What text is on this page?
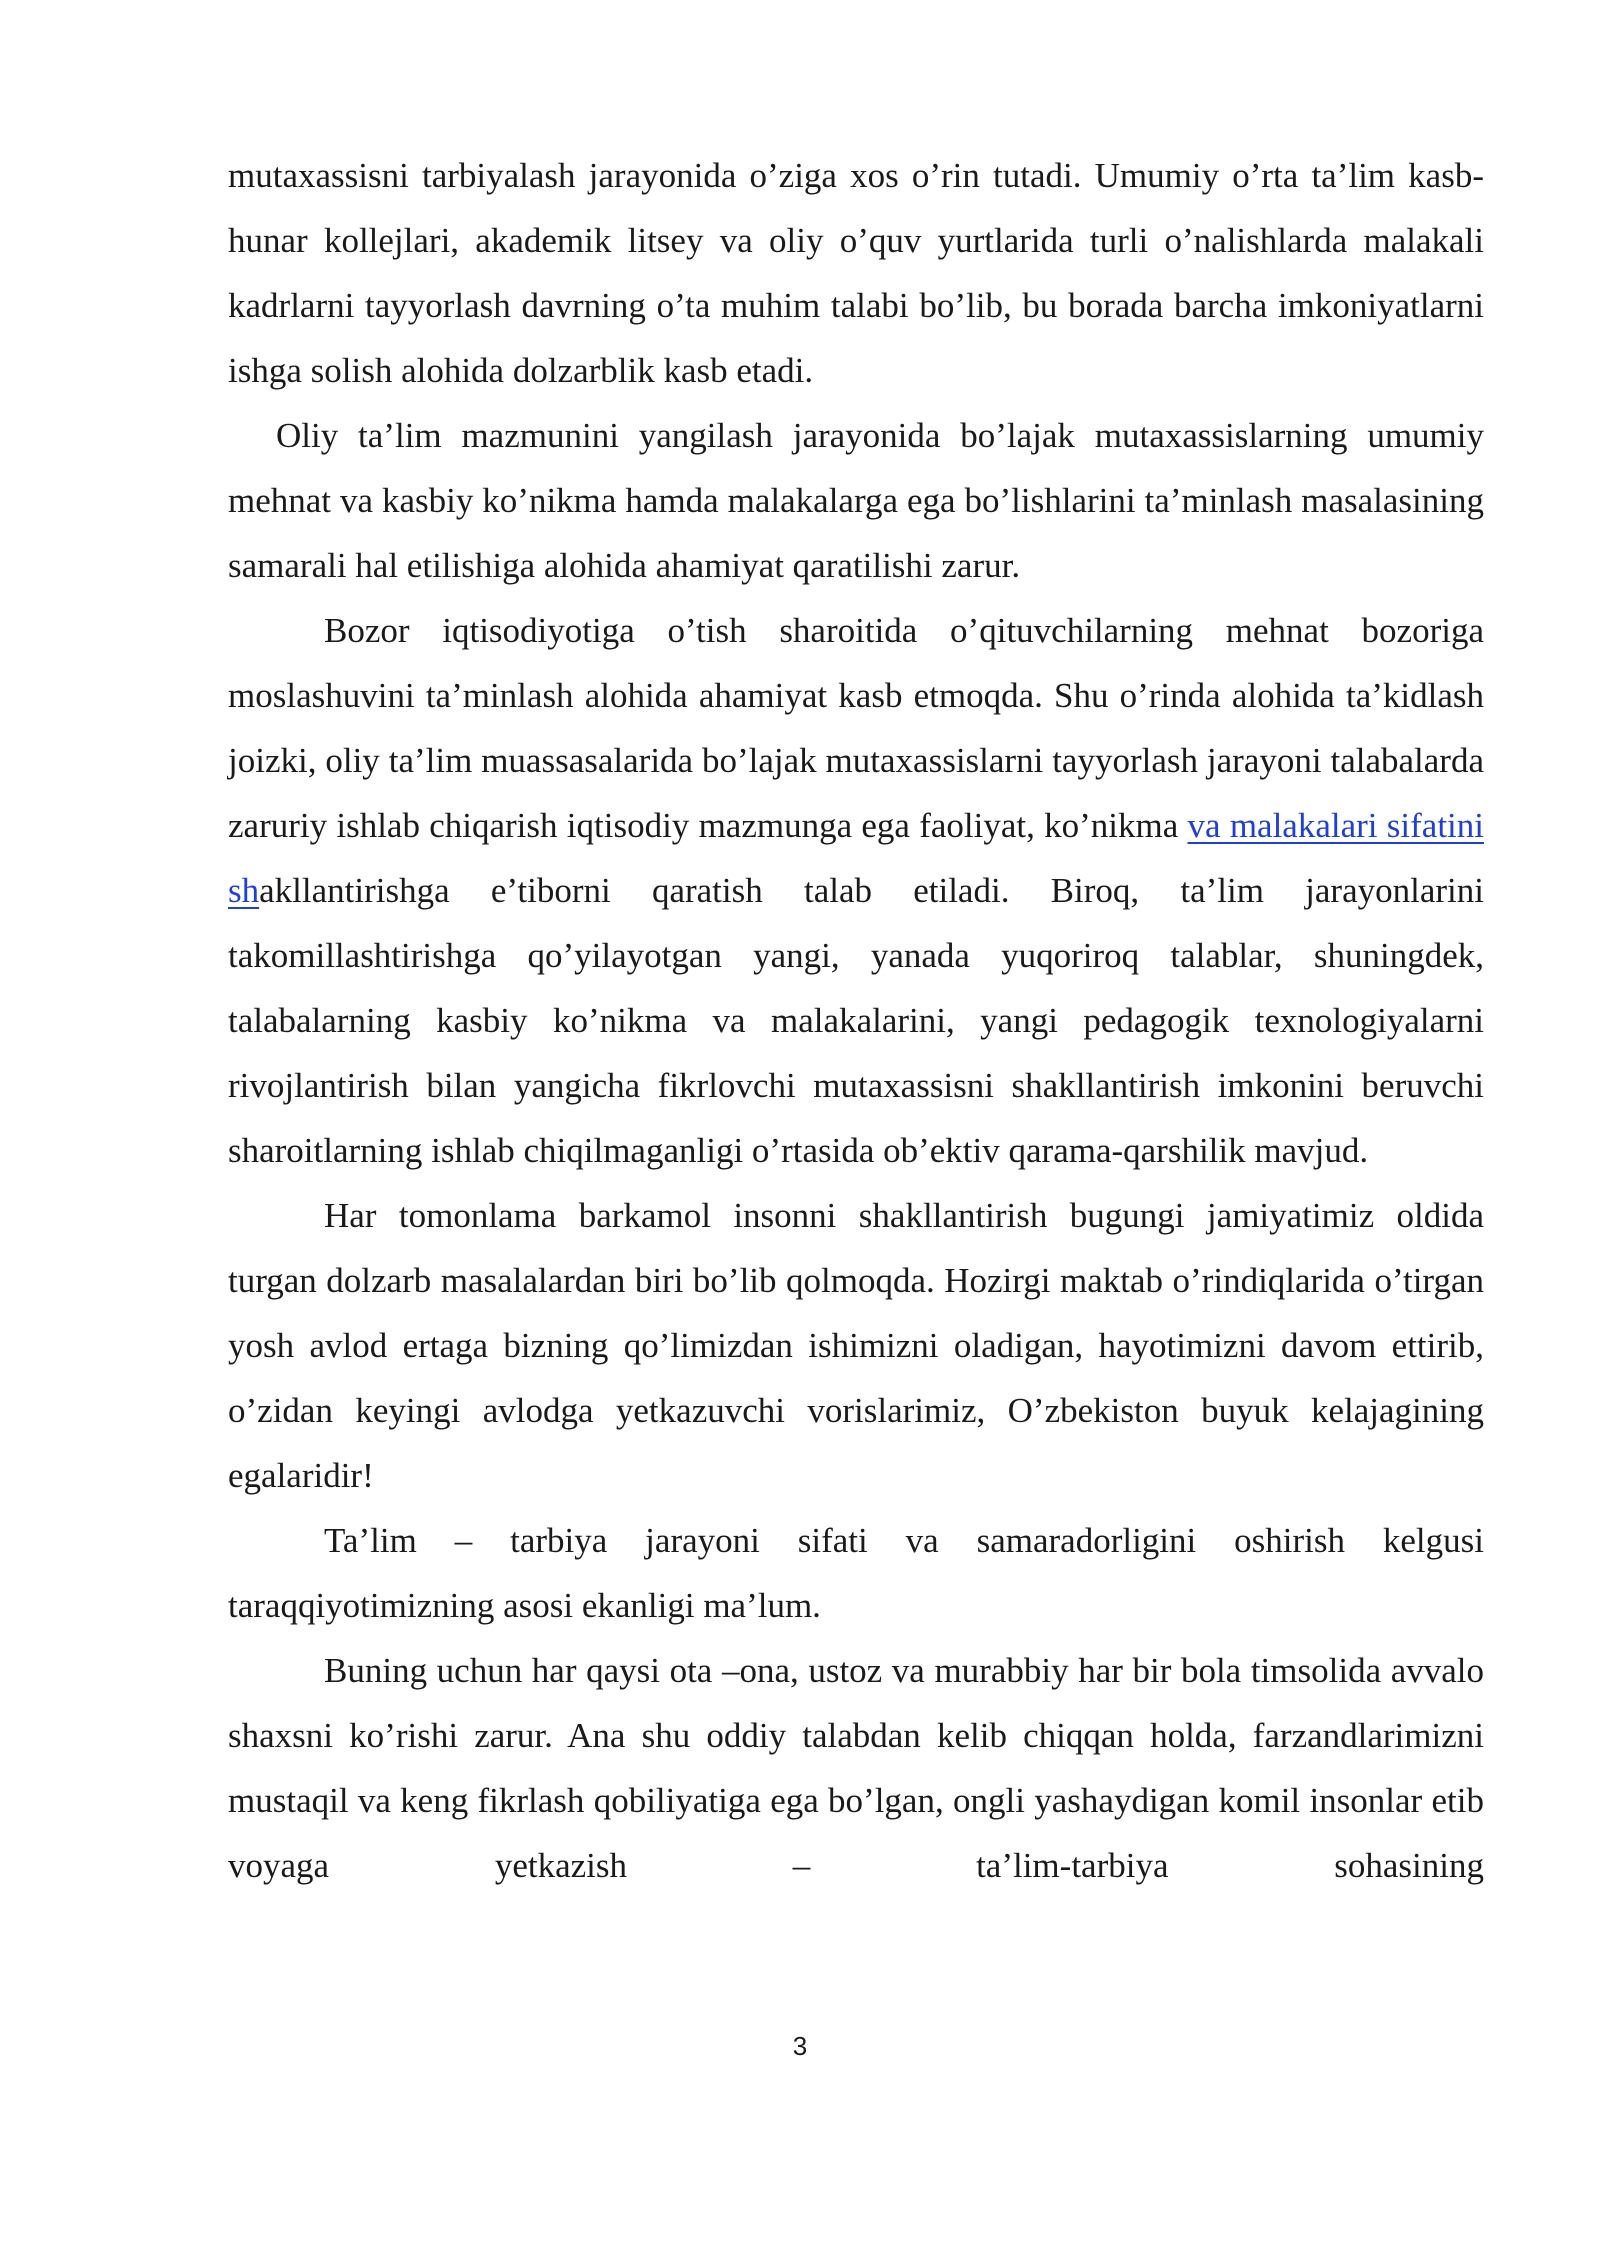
mutaxassisni tarbiyalash jarayonida o’ziga xos o’rin tutadi. Umumiy o’rta ta’lim kasb-hunar kollejlari, akademik litsey va oliy o’quv yurtlarida turli o’nalishlarda malakali kadrlarni tayyorlash davrning o’ta muhim talabi bo’lib, bu borada barcha imkoniyatlarni ishga solish alohida dolzarblik kasb etadi.

Oliy ta’lim mazmunini yangilash jarayonida bo’lajak mutaxassislarning umumiy mehnat va kasbiy ko’nikma hamda malakalarga ega bo’lishlarini ta’minlash masalasining samarali hal etilishiga alohida ahamiyat qaratilishi zarur.

Bozor iqtisodiyotiga o’tish sharoitida o’qituvchilarning mehnat bozoriga moslashuvini ta’minlash alohida ahamiyat kasb etmoqda. Shu o’rinda alohida ta’kidlash joizki, oliy ta’lim muassasalarida bo’lajak mutaxassislarni tayyorlash jarayoni talabalarda zaruriy ishlab chiqarish iqtisodiy mazmunga ega faoliyat, ko’nikma va malakalari sifatini shakllantirishga e’tiborni qaratish talab etiladi. Biroq, ta’lim jarayonlarini takomillashtirishga qo’yilayotgan yangi, yanada yuqoriroq talablar, shuningdek, talabalarning kasbiy ko’nikma va malakalarini, yangi pedagogik texnologiyalarni rivojlantirish bilan yangicha fikrlovchi mutaxassisni shakllantirish imkonini beruvchi sharoitlarning ishlab chiqilmaganligi o’rtasida ob’ektiv qarama-qarshilik mavjud.

Har tomonlama barkamol insonni shakllantirish bugungi jamiyatimiz oldida turgan dolzarb masalalardan biri bo’lib qolmoqda. Hozirgi maktab o’rindiqlarida o’tirgan yosh avlod ertaga bizning qo’limizdan ishimizni oladigan, hayotimizni davom ettirib, o’zidan keyingi avlodga yetkazuvchi vorislarimiz, O’zbekiston buyuk kelajagining egalaridir!

Ta’lim – tarbiya jarayoni sifati va samaradorligini oshirish kelgusi taraqqiyotimizning asosi ekanligi ma’lum.

Buning uchun har qaysi ota –ona, ustoz va murabbiy har bir bola timsolida avvalo shaxsni ko’rishi zarur. Ana shu oddiy talabdan kelib chiqqan holda, farzandlarimizni mustaqil va keng fikrlash qobiliyatiga ega bo’lgan, ongli yashaydigan komil insonlar etib voyaga yetkazish – ta’lim-tarbiya sohasining

3
